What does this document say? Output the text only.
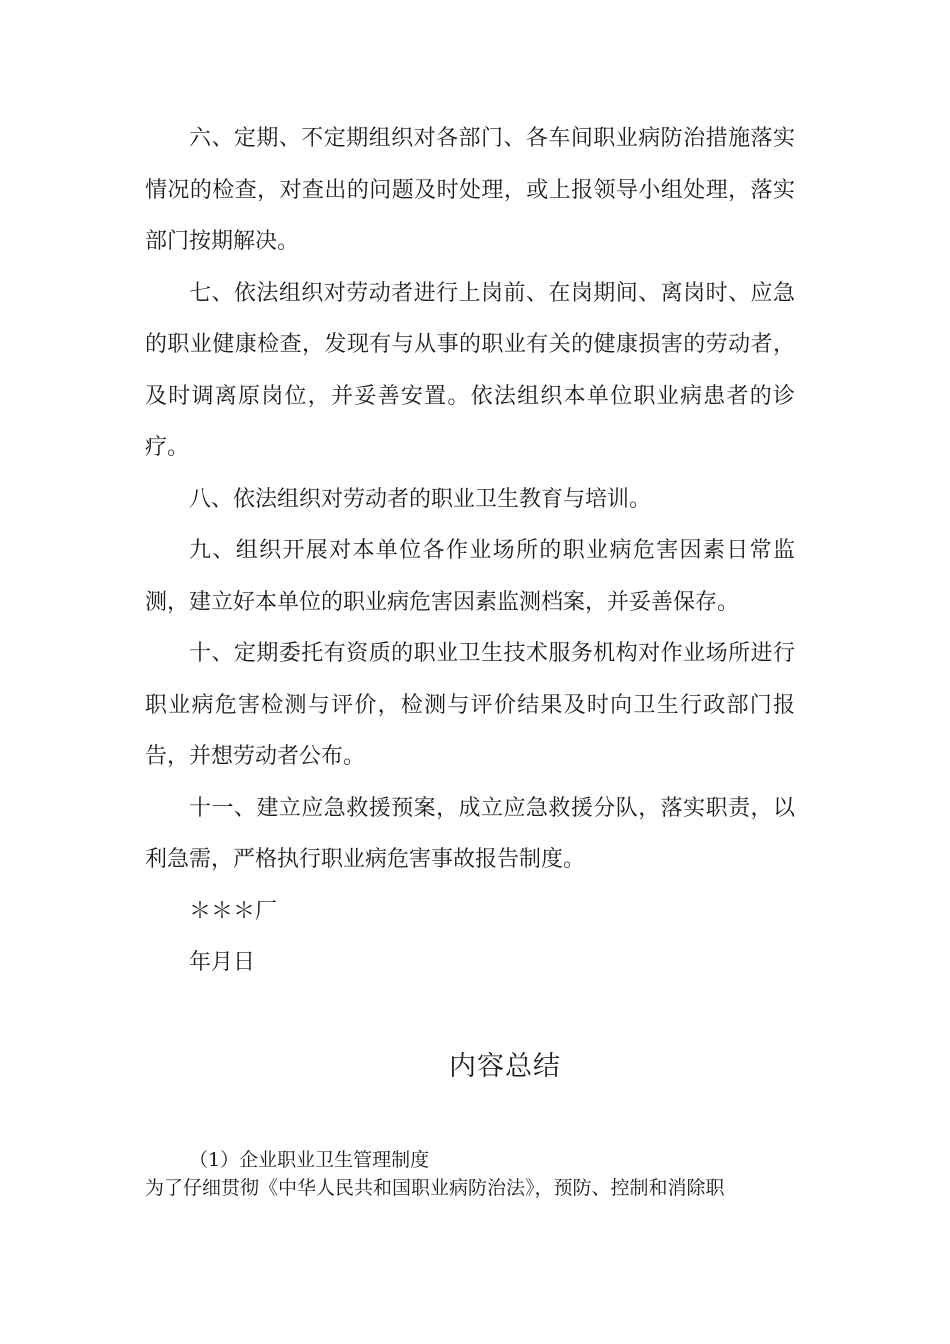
六、定期、不定期组织对各部门、各车间职业病防治措施落实情况的检查，对查出的问题及时处理，或上报领导小组处理，落实部门按期解决。

七、依法组织对劳动者进行上岗前、在岗期间、离岗时、应急的职业健康检查，发现有与从事的职业有关的健康损害的劳动者，及时调离原岗位，并妥善安置。依法组织本单位职业病患者的诊疗。

八、依法组织对劳动者的职业卫生教育与培训。

九、组织开展对本单位各作业场所的职业病危害因素日常监测，建立好本单位的职业病危害因素监测档案，并妥善保存。

十、定期委托有资质的职业卫生技术服务机构对作业场所进行职业病危害检测与评价，检测与评价结果及时向卫生行政部门报告，并想劳动者公布。

十一、建立应急救援预案，成立应急救援分队，落实职责，以利急需，严格执行职业病危害事故报告制度。

＊＊＊厂

年月日

内容总结

（1）企业职业卫生管理制度

为了仔细贯彻《中华人民共和国职业病防治法》，预防、控制和消除职
